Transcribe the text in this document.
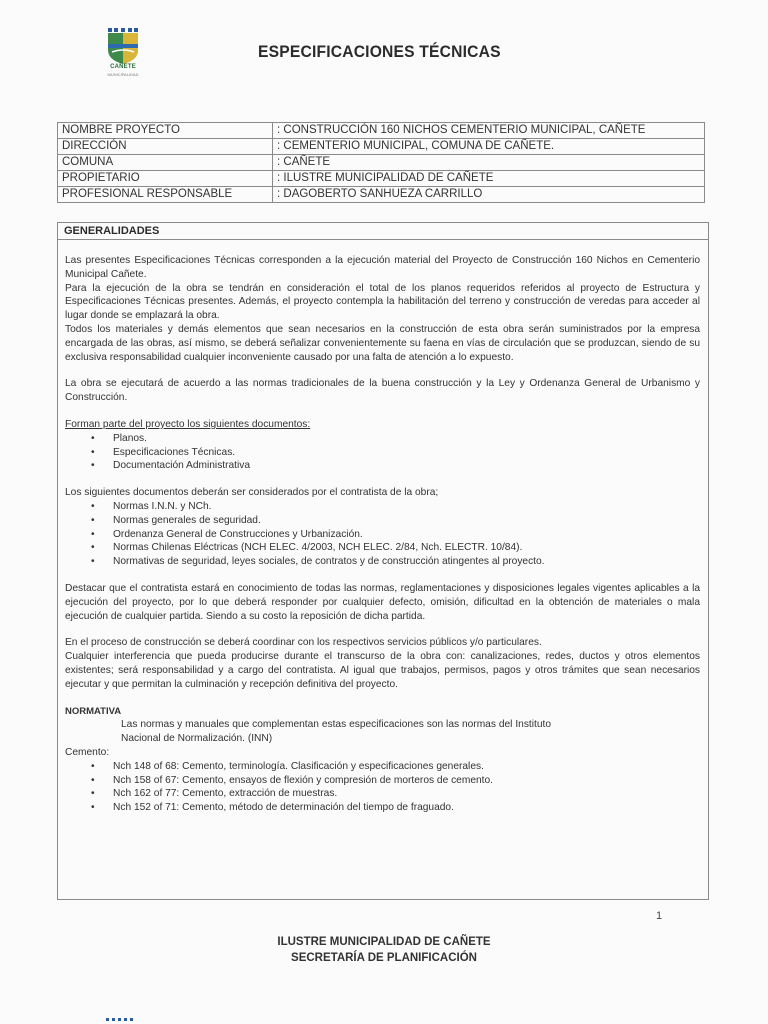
CAÑETE
MUNICIPALIDAD
ESPECIFICACIONES TÉCNICAS
NOMBRE PROYECTO	: CONSTRUCCIÓN 160 NICHOS CEMENTERIO MUNICIPAL, CAÑETE
DIRECCIÓN	: CEMENTERIO MUNICIPAL, COMUNA DE CAÑETE.
COMUNA	: CAÑETE
PROPIETARIO	: ILUSTRE MUNICIPALIDAD DE CAÑETE
PROFESIONAL RESPONSABLE	: DAGOBERTO SANHUEZA CARRILLO
GENERALIDADES

Las presentes Especificaciones Técnicas corresponden a la ejecución material del Proyecto de Construcción 160 Nichos en Cementerio Municipal Cañete.

Para la ejecución de la obra se tendrán en consideración el total de los planos requeridos referidos al proyecto de Estructura y Especificaciones Técnicas presentes. Además, el proyecto contempla la habilitación del terreno y construcción de veredas para acceder al lugar donde se emplazará la obra.

Todos los materiales y demás elementos que sean necesarios en la construcción de esta obra serán suministrados por la empresa encargada de las obras, así mismo, se deberá señalizar convenientemente su faena en vías de circulación que se produzcan, siendo de su exclusiva responsabilidad cualquier inconveniente causado por una falta de atención a lo expuesto.

La obra se ejecutará de acuerdo a las normas tradicionales de la buena construcción y la Ley y Ordenanza General de Urbanismo y Construcción.

Forman parte del proyecto los siguientes documentos:

• Planos.
• Especificaciones Técnicas.
• Documentación Administrativa

Los siguientes documentos deberán ser considerados por el contratista de la obra;

• Normas I.N.N. y NCh.
• Normas generales de seguridad.
• Ordenanza General de Construcciones y Urbanización.
• Normas Chilenas Eléctricas (NCH ELEC. 4/2003, NCH ELEC. 2/84, Nch. ELECTR. 10/84).
• Normativas de seguridad, leyes sociales, de contratos y de construcción atingentes al proyecto.

Destacar que el contratista estará en conocimiento de todas las normas, reglamentaciones y disposiciones legales vigentes aplicables a la ejecución del proyecto, por lo que deberá responder por cualquier defecto, omisión, dificultad en la obtención de materiales o mala ejecución de cualquier partida. Siendo a su costo la reposición de dicha partida.

En el proceso de construcción se deberá coordinar con los respectivos servicios públicos y/o particulares.

Cualquier interferencia que pueda producirse durante el transcurso de la obra con: canalizaciones, redes, ductos y otros elementos existentes; será responsabilidad y a cargo del contratista. Al igual que trabajos, permisos, pagos y otros trámites que sean necesarios ejecutar y que permitan la culminación y recepción definitiva del proyecto.

NORMATIVA

Las normas y manuales que complementan estas especificaciones son las normas del Instituto Nacional de Normalización. (INN)

Cemento:

• Nch 148 of 68: Cemento, terminología. Clasificación y especificaciones generales.
• Nch 158 of 67: Cemento, ensayos de flexión y compresión de morteros de cemento.
• Nch 162 of 77: Cemento, extracción de muestras.
• Nch 152 of 71: Cemento, método de determinación del tiempo de fraguado.
1
ILUSTRE MUNICIPALIDAD DE CAÑETE
SECRETARÍA DE PLANIFICACIÓN
